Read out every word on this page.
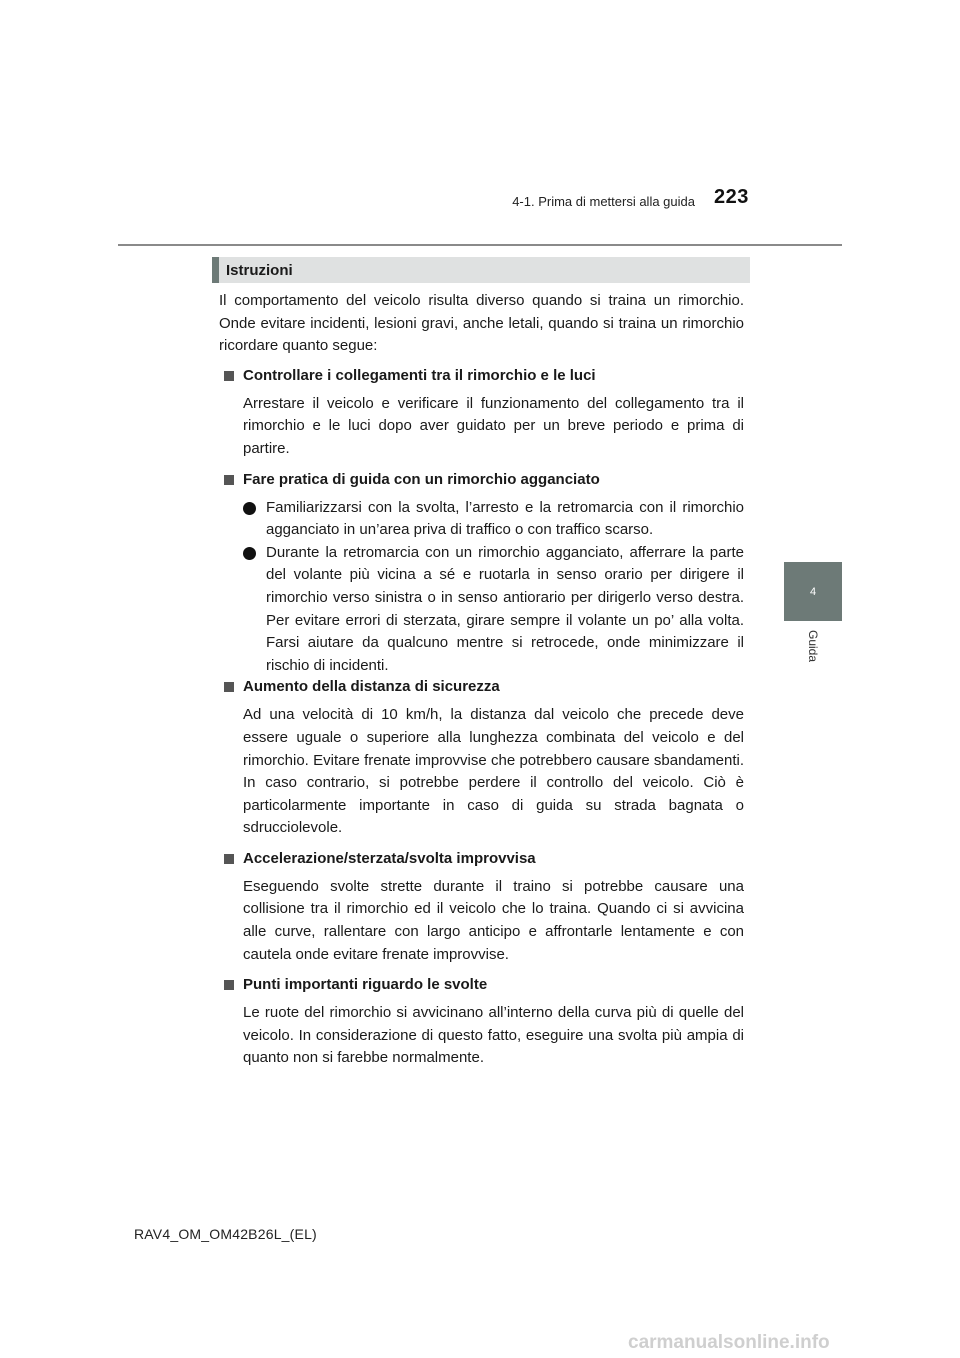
4-1. Prima di mettersi alla guida 223
4
Guida
Istruzioni

Il comportamento del veicolo risulta diverso quando si traina un rimorchio. Onde evitare incidenti, lesioni gravi, anche letali, quando si traina un rimorchio ricordare quanto segue:

Controllare i collegamenti tra il rimorchio e le luci

Arrestare il veicolo e verificare il funzionamento del collegamento tra il rimorchio e le luci dopo aver guidato per un breve periodo e prima di partire.

Fare pratica di guida con un rimorchio agganciato

Familiarizzarsi con la svolta, l’arresto e la retromarcia con il rimorchio agganciato in un’area priva di traffico o con traffico scarso.

Durante la retromarcia con un rimorchio agganciato, afferrare la parte del volante più vicina a sé e ruotarla in senso orario per dirigere il rimorchio verso sinistra o in senso antiorario per dirigerlo verso destra. Per evitare errori di sterzata, girare sempre il volante un po’ alla volta. Farsi aiutare da qualcuno mentre si retrocede, onde minimizzare il rischio di incidenti.

Aumento della distanza di sicurezza

Ad una velocità di 10 km/h, la distanza dal veicolo che precede deve essere uguale o superiore alla lunghezza combinata del veicolo e del rimorchio. Evitare frenate improvvise che potrebbero causare sbandamenti. In caso contrario, si potrebbe perdere il controllo del veicolo. Ciò è particolarmente importante in caso di guida su strada bagnata o sdrucciolevole.

Accelerazione/sterzata/svolta improvvisa

Eseguendo svolte strette durante il traino si potrebbe causare una collisione tra il rimorchio ed il veicolo che lo traina. Quando ci si avvicina alle curve, rallentare con largo anticipo e affrontarle lentamente e con cautela onde evitare frenate improvvise.

Punti importanti riguardo le svolte

Le ruote del rimorchio si avvicinano all’interno della curva più di quelle del veicolo. In considerazione di questo fatto, eseguire una svolta più ampia di quanto non si farebbe normalmente.

RAV4_OM_OM42B26L_(EL)
carmanualsonline.info
